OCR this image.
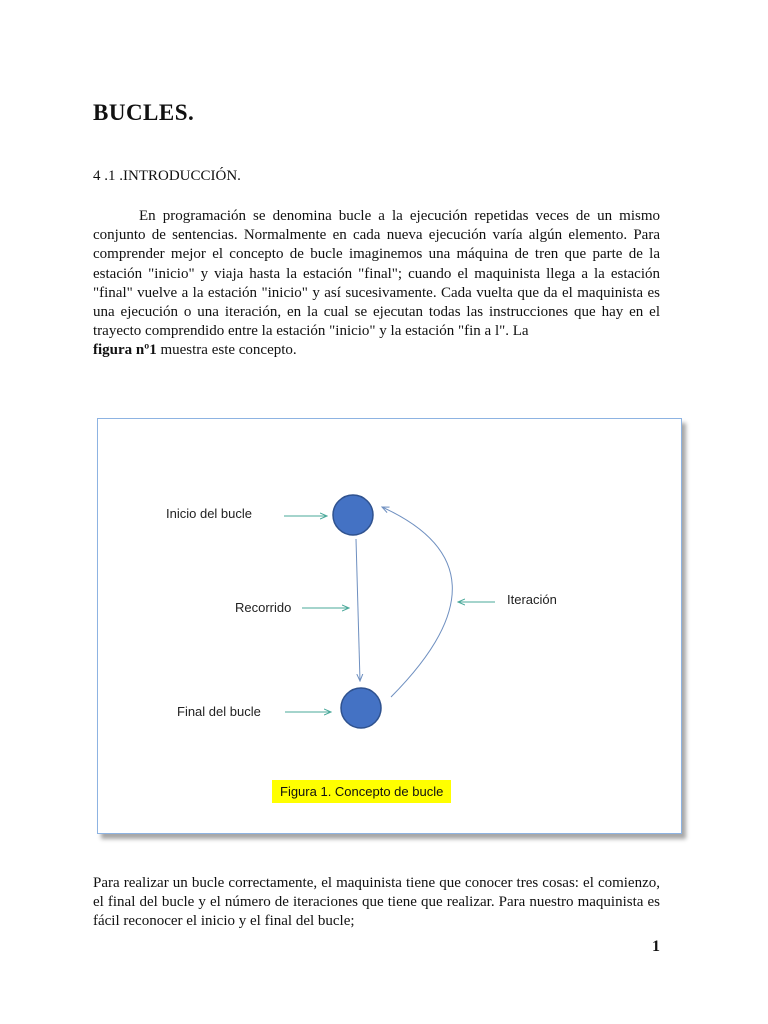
BUCLES.
4 .1 .INTRODUCCIÓN.
En programación se denomina bucle a la ejecución repetidas veces de un mismo conjunto de sentencias. Normalmente en cada nueva ejecución varía algún elemento. Para comprender mejor el concepto de bucle imaginemos una máquina de tren que parte de la estación "inicio" y viaja hasta la estación "final"; cuando el maquinista llega a la estación "final" vuelve a la estación "inicio" y así sucesivamente. Cada vuelta que da el maquinista es una ejecución o una iteración, en la cual se ejecutan todas las instrucciones que hay en el trayecto comprendido entre la estación "inicio" y la estación "fin a l". La
figura nº1 muestra este concepto.
Inicio del bucle
Recorrido
Iteración
Final del bucle
Figura 1. Concepto de bucle
Para realizar un bucle correctamente, el maquinista tiene que conocer tres cosas: el comienzo, el final del bucle y el número de iteraciones que tiene que realizar. Para nuestro maquinista es fácil reconocer el inicio y el final del bucle;
1
